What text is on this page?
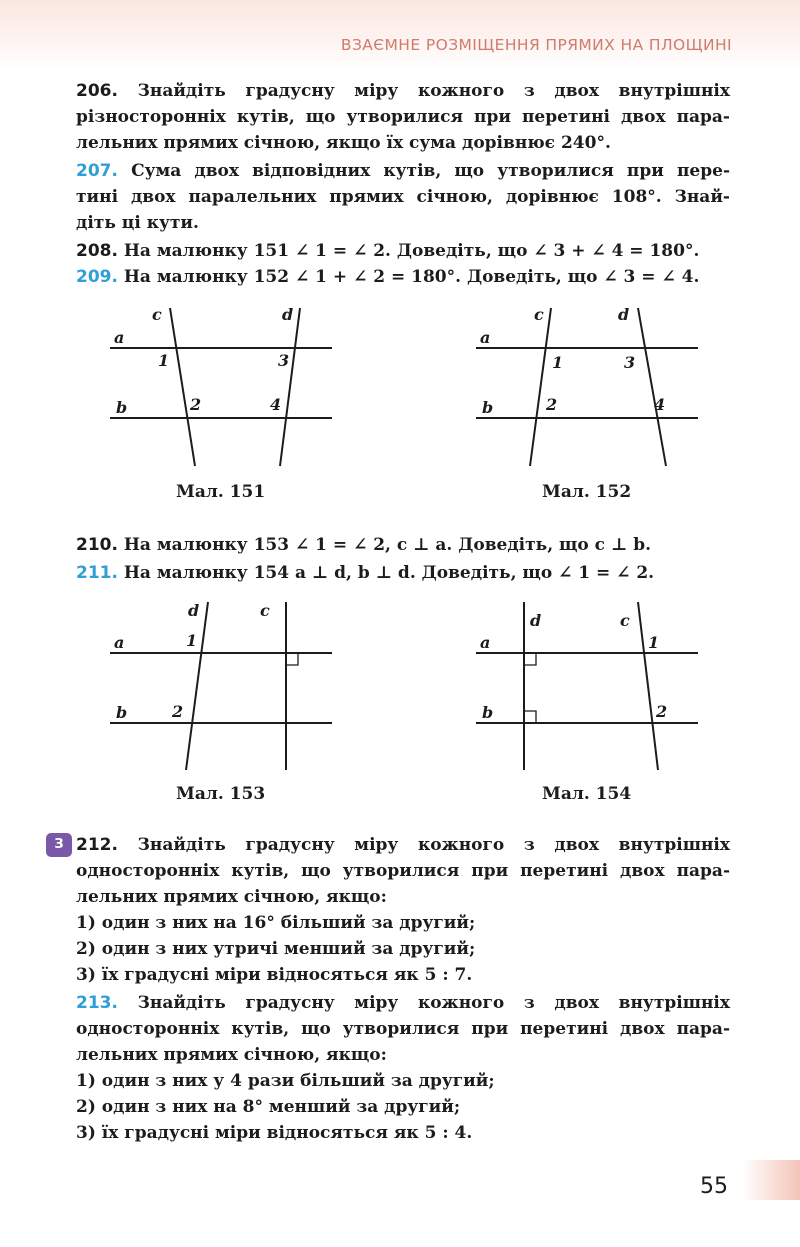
ВЗАЄМНЕ РОЗМІЩЕННЯ ПРЯМИХ НА ПЛОЩИНІ
206. Знайдіть градусну міру кожного з двох внутрішніх
різносторонніх кутів, що утворилися при перетині двох пара-
лельних прямих січною, якщо їх сума дорівнює 240°.
207. Сума двох відповідних кутів, що утворилися при пере-
тині двох паралельних прямих січною, дорівнює 108°. Знай-
діть ці кути.
208. На малюнку 151 ∠ 1 = ∠ 2. Доведіть, що ∠ 3 + ∠ 4 = 180°.
209. На малюнку 152 ∠ 1 + ∠ 2 = 180°. Доведіть, що ∠ 3 = ∠ 4.
a
b
c	d
1
2
3
4
Мал. 151
a
b
c	d
1
2
3
4
Мал. 152
210. На малюнку 153 ∠ 1 = ∠ 2, c ⊥ a. Доведіть, що c ⊥ b.
211. На малюнку 154 a ⊥ d, b ⊥ d. Доведіть, що ∠ 1 = ∠ 2.
a
b
c
d
1
2
Мал. 153
a
b
c
d
1
2
Мал. 154
З 212. Знайдіть градусну міру кожного з двох внутрішніх
односторонніх кутів, що утворилися при перетині двох пара-
лельних прямих січною, якщо:
1) один з них на 16° більший за другий;
2) один з них утричі менший за другий;
3) їх градусні міри відносяться як 5 : 7.
213. Знайдіть градусну міру кожного з двох внутрішніх
односторонніх кутів, що утворилися при перетині двох пара-
лельних прямих січною, якщо:
1) один з них у 4 рази більший за другий;
2) один з них на 8° менший за другий;
3) їх градусні міри відносяться як 5 : 4.
55
